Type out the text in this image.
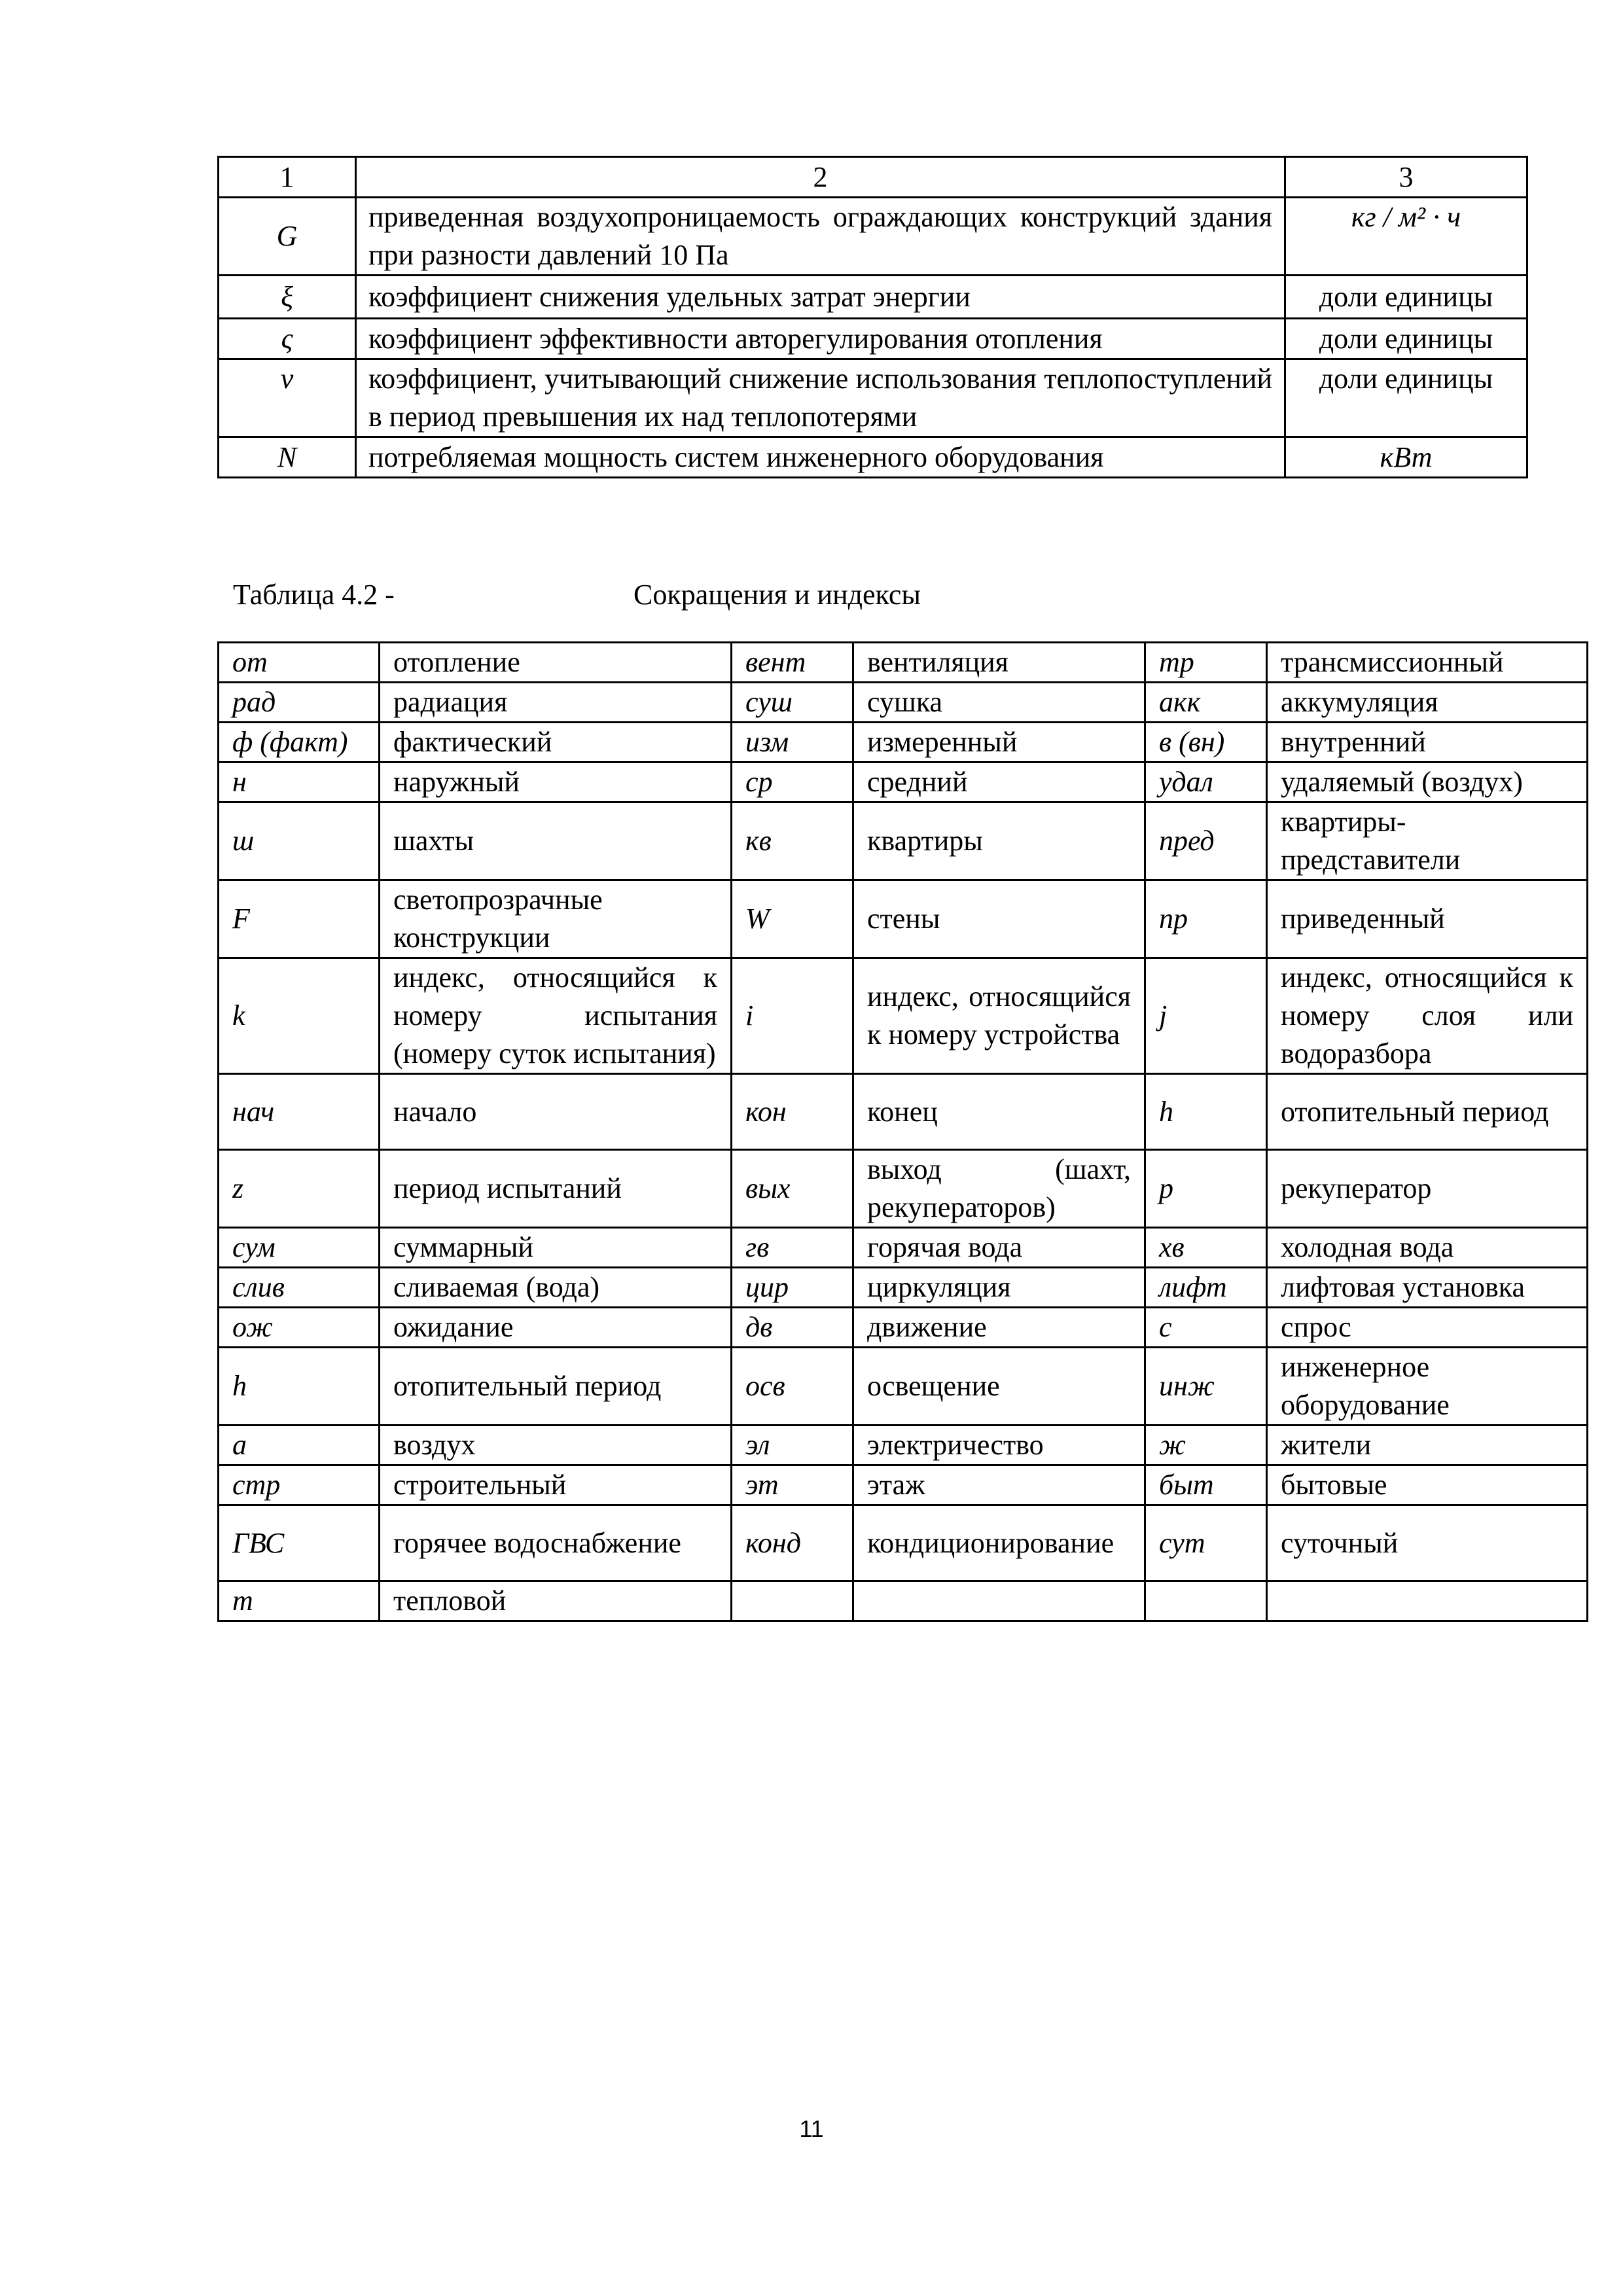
1	2	3
G	приведенная воздухопроницаемость ограждающих конструкций здания при разности давлений 10 Па	кг / м² · ч
ξ	коэффициент снижения удельных затрат энергии	доли единицы
ς	коэффициент эффективности авторегулирования отопления	доли единицы
ν	коэффициент, учитывающий снижение использования теплопоступлений в период превышения их над теплопотерями	доли единицы
N	потребляемая мощность систем инженерного оборудования	кВт
Таблица 4.2 -	Сокращения и индексы
от	отопление	вент	вентиляция	тр	трансмиссионный
рад	радиация	суш	сушка	акк	аккумуляция
ф (факт)	фактический	изм	измеренный	в (вн)	внутренний
н	наружный	ср	средний	удал	удаляемый (воздух)
ш	шахты	кв	квартиры	пред	квартиры-представители
F	светопрозрачные конструкции	W	стены	пр	приведенный
k	индекс, относящийся к номеру испытания (номеру суток испытания)	i	индекс, относящийся к номеру устройства	j	индекс, относящийся к номеру слоя или водоразбора
нач	начало	кон	конец	h	отопительный период
z	период испытаний	вых	выход (шахт, рекуператоров)	p	рекуператор
сум	суммарный	гв	горячая вода	хв	холодная вода
слив	сливаемая (вода)	цир	циркуляция	лифт	лифтовая установка
ож	ожидание	дв	движение	с	спрос
h	отопительный период	осв	освещение	инж	инженерное оборудование
а	воздух	эл	электричество	ж	жители
стр	строительный	эт	этаж	быт	бытовые
ГВС	горячее водоснабжение	конд	кондиционирование	сут	суточный
т	тепловой				
11
